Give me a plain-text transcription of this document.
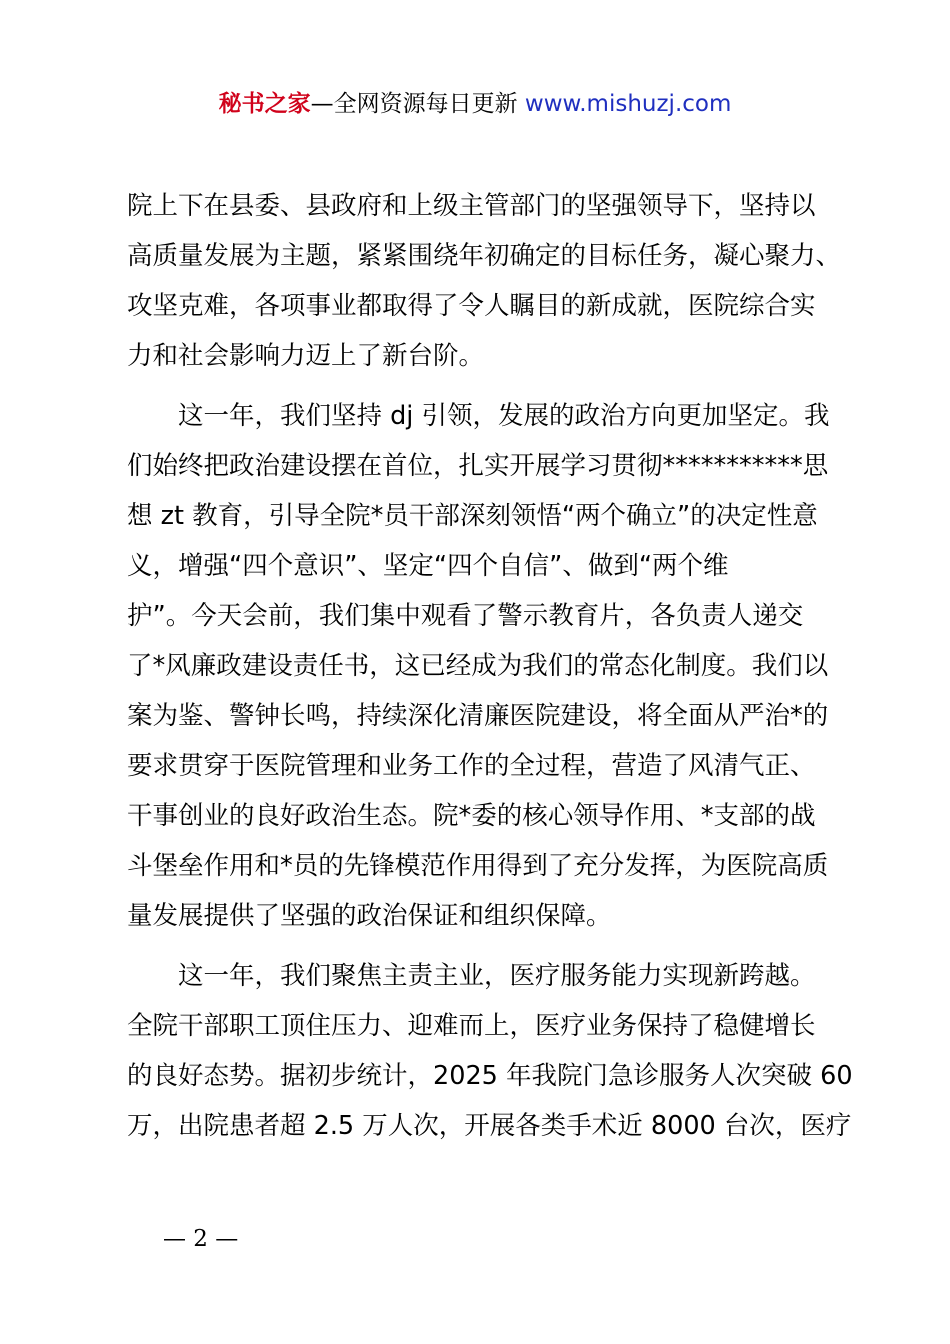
秘书之家—全网资源每日更新 www.mishuzj.com

院上下在县委、县政府和上级主管部门的坚强领导下，坚持以
高质量发展为主题，紧紧围绕年初确定的目标任务，凝心聚力、
攻坚克难，各项事业都取得了令人瞩目的新成就，医院综合实
力和社会影响力迈上了新台阶。

这一年，我们坚持 dj 引领，发展的政治方向更加坚定。我
们始终把政治建设摆在首位，扎实开展学习贯彻***********思
想 zt 教育，引导全院*员干部深刻领悟“两个确立”的决定性意
义，增强“四个意识”、坚定“四个自信”、做到“两个维
护”。今天会前，我们集中观看了警示教育片，各负责人递交
了*风廉政建设责任书，这已经成为我们的常态化制度。我们以
案为鉴、警钟长鸣，持续深化清廉医院建设，将全面从严治*的
要求贯穿于医院管理和业务工作的全过程，营造了风清气正、
干事创业的良好政治生态。院*委的核心领导作用、*支部的战
斗堡垒作用和*员的先锋模范作用得到了充分发挥，为医院高质
量发展提供了坚强的政治保证和组织保障。

这一年，我们聚焦主责主业，医疗服务能力实现新跨越。
全院干部职工顶住压力、迎难而上，医疗业务保持了稳健增长
的良好态势。据初步统计，2025 年我院门急诊服务人次突破 60
万，出院患者超 2.5 万人次，开展各类手术近 8000 台次，医疗

— 2 —
